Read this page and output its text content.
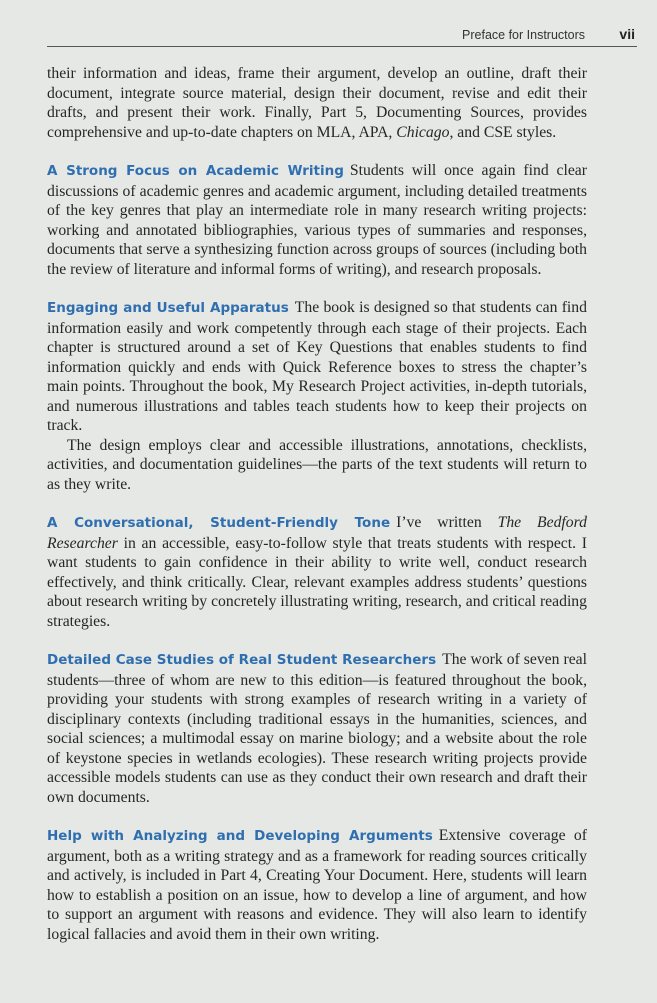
Preface for Instructors vii

their information and ideas, frame their argument, develop an outline, draft their document, integrate source material, design their document, revise and edit their drafts, and present their work. Finally, Part 5, Documenting Sources, provides comprehensive and up-to-date chapters on MLA, APA, Chicago, and CSE styles.

A Strong Focus on Academic Writing Students will once again find clear discussions of academic genres and academic argument, including detailed treatments of the key genres that play an intermediate role in many research writing projects: working and annotated bibliographies, various types of summaries and responses, documents that serve a synthesizing function across groups of sources (including both the review of literature and informal forms of writing), and research proposals.

Engaging and Useful Apparatus The book is designed so that students can find information easily and work competently through each stage of their projects. Each chapter is structured around a set of Key Questions that enables students to find information quickly and ends with Quick Reference boxes to stress the chapter’s main points. Throughout the book, My Research Project activities, in-depth tutorials, and numerous illustrations and tables teach students how to keep their projects on track.

The design employs clear and accessible illustrations, annotations, checklists, activities, and documentation guidelines—the parts of the text students will return to as they write.

A Conversational, Student-Friendly Tone I’ve written The Bedford Researcher in an accessible, easy-to-follow style that treats students with respect. I want students to gain confidence in their ability to write well, conduct research effectively, and think critically. Clear, relevant examples address students’ questions about research writing by concretely illustrating writing, research, and critical reading strategies.

Detailed Case Studies of Real Student Researchers The work of seven real students—three of whom are new to this edition—is featured throughout the book, providing your students with strong examples of research writing in a variety of disciplinary contexts (including traditional essays in the humanities, sciences, and social sciences; a multimodal essay on marine biology; and a website about the role of keystone species in wetlands ecologies). These research writing projects provide accessible models students can use as they conduct their own research and draft their own documents.

Help with Analyzing and Developing Arguments Extensive coverage of argument, both as a writing strategy and as a framework for reading sources critically and actively, is included in Part 4, Creating Your Document. Here, students will learn how to establish a position on an issue, how to develop a line of argument, and how to support an argument with reasons and evidence. They will also learn to identify logical fallacies and avoid them in their own writing.
